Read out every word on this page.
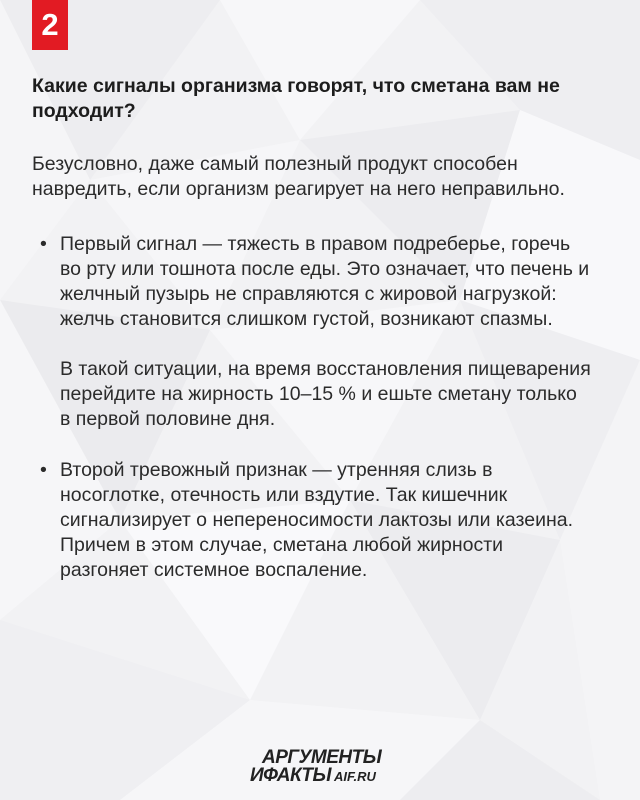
2
Какие сигналы организма говорят, что сметана вам не подходит?

Безусловно, даже самый полезный продукт способен навредить, если организм реагирует на него неправильно.

• Первый сигнал — тяжесть в правом подреберье, горечь во рту или тошнота после еды. Это означает, что печень и желчный пузырь не справляются с жировой нагрузкой: желчь становится слишком густой, возникают спазмы.

В такой ситуации, на время восстановления пищеварения перейдите на жирность 10–15 % и ешьте сметану только в первой половине дня.

• Второй тревожный признак — утренняя слизь в носоглотке, отечность или вздутие. Так кишечник сигнализирует о непереносимости лактозы или казеина. Причем в этом случае, сметана любой жирности разгоняет системное воспаление.

АРГУМЕНТЫ
ИФАКТЫ AIF.RU
